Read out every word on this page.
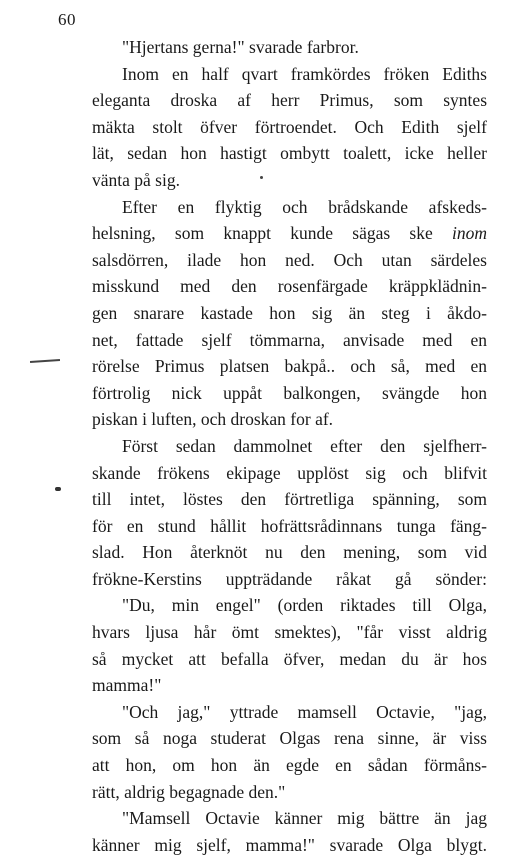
60
"Hjertans gerna!" svarade farbror.
Inom en half qvart framkördes fröken Ediths
eleganta droska af herr Primus, som syntes
mäkta stolt öfver förtroendet. Och Edith sjelf
lät, sedan hon hastigt ombytt toalett, icke heller
vänta på sig.
Efter en flyktig och brådskande afskeds-
helsning, som knappt kunde sägas ske inom
salsdörren, ilade hon ned. Och utan särdeles
misskund med den rosenfärgade kräppklädnin-
gen snarare kastade hon sig än steg i åkdo-
net, fattade sjelf tömmarna, anvisade med en
rörelse Primus platsen bakpå.. och så, med en
förtrolig nick uppåt balkongen, svängde hon
piskan i luften, och droskan for af.
Först sedan dammolnet efter den sjelfherr-
skande frökens ekipage upplöst sig och blifvit
till intet, löstes den förtretliga spänning, som
för en stund hållit hofrättsrådinnans tunga fäng-
slad. Hon återknöt nu den mening, som vid
frökne-Kerstins uppträdande råkat gå sönder:
"Du, min engel" (orden riktades till Olga,
hvars ljusa hår ömt smektes), "får visst aldrig
så mycket att befalla öfver, medan du är hos
mamma!"
"Och jag," yttrade mamsell Octavie, "jag,
som så noga studerat Olgas rena sinne, är viss
att hon, om hon än egde en sådan förmåns-
rätt, aldrig begagnade den."
"Mamsell Octavie känner mig bättre än jag
känner mig sjelf, mamma!" svarade Olga blygt.
